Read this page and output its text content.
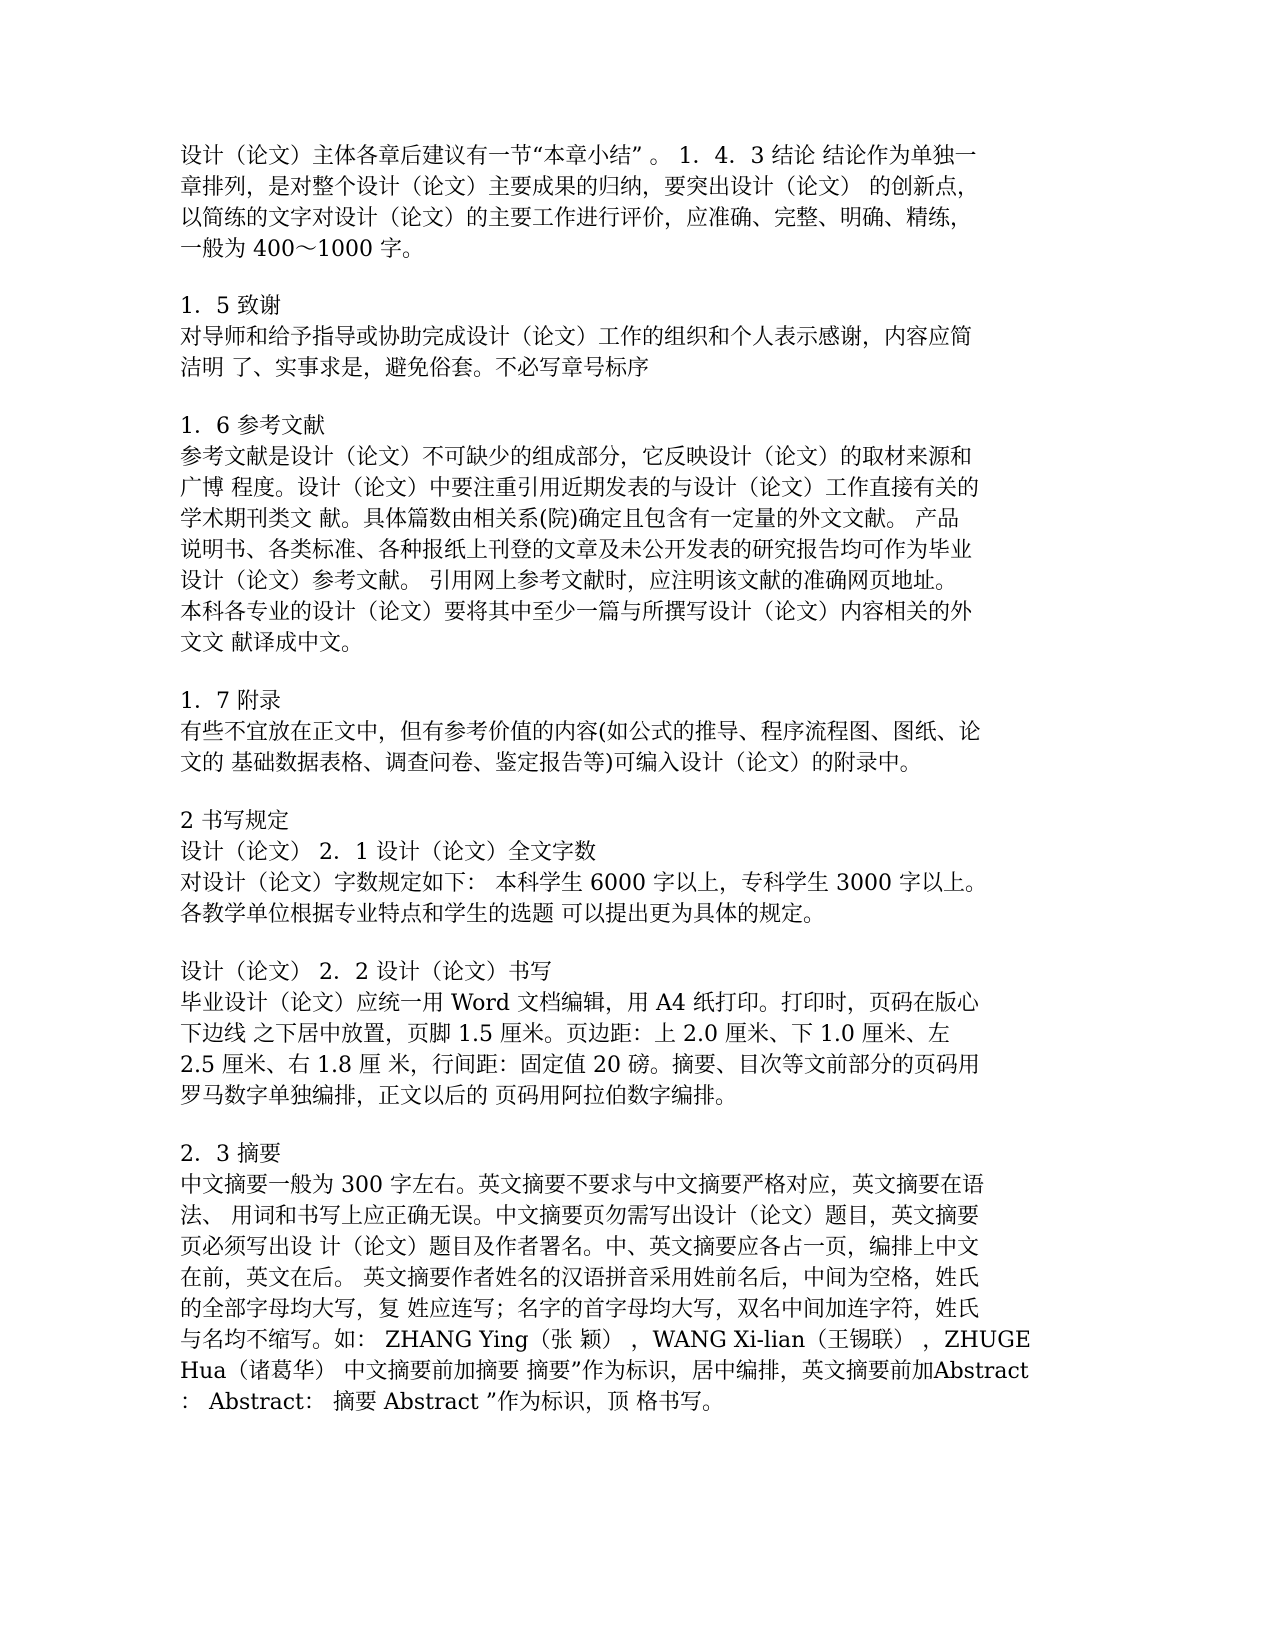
设计（论文）主体各章后建议有一节“本章小结” 。 1．4．3 结论 结论作为单独一

章排列，是对整个设计（论文）主要成果的归纳，要突出设计（论文） 的创新点，

以简练的文字对设计（论文）的主要工作进行评价，应准确、完整、明确、精练，

一般为 400～1000 字。

1．5 致谢

对导师和给予指导或协助完成设计（论文）工作的组织和个人表示感谢，内容应简

洁明 了、实事求是，避免俗套。不必写章号标序

1．6 参考文献

参考文献是设计（论文）不可缺少的组成部分，它反映设计（论文）的取材来源和

广博 程度。设计（论文）中要注重引用近期发表的与设计（论文）工作直接有关的

学术期刊类文 献。具体篇数由相关系(院)确定且包含有一定量的外文文献。 产品

说明书、各类标准、各种报纸上刊登的文章及未公开发表的研究报告均可作为毕业

设计（论文）参考文献。 引用网上参考文献时，应注明该文献的准确网页地址。

本科各专业的设计（论文）要将其中至少一篇与所撰写设计（论文）内容相关的外

文文 献译成中文。

1．7 附录

有些不宜放在正文中，但有参考价值的内容(如公式的推导、程序流程图、图纸、论

文的 基础数据表格、调查问卷、鉴定报告等)可编入设计（论文）的附录中。

2 书写规定

设计（论文） 2．1 设计（论文）全文字数

对设计（论文）字数规定如下： 本科学生 6000 字以上，专科学生 3000 字以上。

各教学单位根据专业特点和学生的选题 可以提出更为具体的规定。

设计（论文） 2．2 设计（论文）书写

毕业设计（论文）应统一用 Word 文档编辑，用 A4 纸打印。打印时，页码在版心

下边线 之下居中放置，页脚 1.5 厘米。页边距：上 2.0 厘米、下 1.0 厘米、左

2.5 厘米、右 1.8 厘 米，行间距：固定值 20 磅。摘要、目次等文前部分的页码用

罗马数字单独编排，正文以后的 页码用阿拉伯数字编排。

2．3 摘要

中文摘要一般为 300 字左右。英文摘要不要求与中文摘要严格对应，英文摘要在语

法、 用词和书写上应正确无误。中文摘要页勿需写出设计（论文）题目，英文摘要

页必须写出设 计（论文）题目及作者署名。中、英文摘要应各占一页，编排上中文

在前，英文在后。 英文摘要作者姓名的汉语拼音采用姓前名后，中间为空格，姓氏

的全部字母均大写，复 姓应连写；名字的首字母均大写，双名中间加连字符，姓氏

与名均不缩写。如： ZHANG Ying（张 颖） ，WANG Xi-lian（王锡联） ，ZHUGE

Hua（诸葛华） 中文摘要前加摘要 摘要”作为标识，居中编排，英文摘要前加Abstract

： Abstract： 摘要 Abstract ”作为标识，顶 格书写。
